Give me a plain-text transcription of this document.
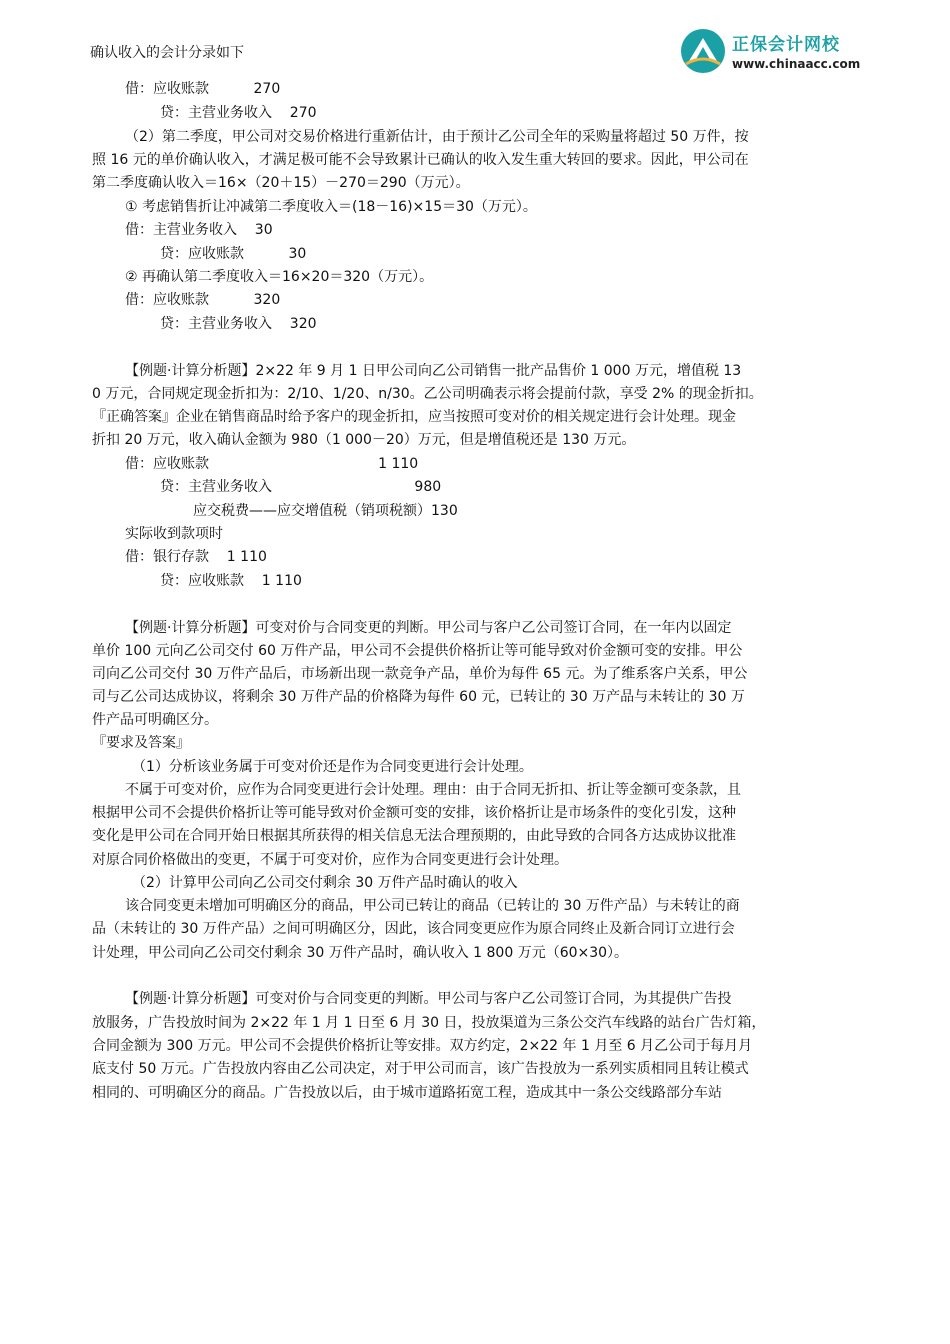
正保会计网校
www.chinaacc.com
确认收入的会计分录如下
借：应收账款          270
贷：主营业务收入    270
（2）第二季度，甲公司对交易价格进行重新估计，由于预计乙公司全年的采购量将超过 50 万件，按
照 16 元的单价确认收入，才满足极可能不会导致累计已确认的收入发生重大转回的要求。因此，甲公司在
第二季度确认收入＝16×（20＋15）－270＝290（万元）。
① 考虑销售折让冲减第二季度收入＝(18－16)×15＝30（万元）。
借：主营业务收入    30
贷：应收账款          30
② 再确认第二季度收入＝16×20＝320（万元）。
借：应收账款          320
贷：主营业务收入    320
【例题·计算分析题】2×22 年 9 月 1 日甲公司向乙公司销售一批产品售价 1 000 万元，增值税 13
0 万元，合同规定现金折扣为：2/10、1/20、n/30。乙公司明确表示将会提前付款，享受 2% 的现金折扣。
『正确答案』企业在销售商品时给予客户的现金折扣，应当按照可变对价的相关规定进行会计处理。现金
折扣 20 万元，收入确认金额为 980（1 000－20）万元，但是增值税还是 130 万元。
借：应收账款                                      1 110
贷：主营业务收入                                980
应交税费——应交增值税（销项税额）130
实际收到款项时
借：银行存款    1 110
贷：应收账款    1 110
【例题·计算分析题】可变对价与合同变更的判断。甲公司与客户乙公司签订合同，在一年内以固定
单价 100 元向乙公司交付 60 万件产品，甲公司不会提供价格折让等可能导致对价金额可变的安排。甲公
司向乙公司交付 30 万件产品后，市场新出现一款竞争产品，单价为每件 65 元。为了维系客户关系，甲公
司与乙公司达成协议，将剩余 30 万件产品的价格降为每件 60 元，已转让的 30 万产品与未转让的 30 万
件产品可明确区分。
『要求及答案』
（1）分析该业务属于可变对价还是作为合同变更进行会计处理。
不属于可变对价，应作为合同变更进行会计处理。理由：由于合同无折扣、折让等金额可变条款，且
根据甲公司不会提供价格折让等可能导致对价金额可变的安排，该价格折让是市场条件的变化引发，这种
变化是甲公司在合同开始日根据其所获得的相关信息无法合理预期的，由此导致的合同各方达成协议批准
对原合同价格做出的变更，不属于可变对价，应作为合同变更进行会计处理。
（2）计算甲公司向乙公司交付剩余 30 万件产品时确认的收入
该合同变更未增加可明确区分的商品，甲公司已转让的商品（已转让的 30 万件产品）与未转让的商
品（未转让的 30 万件产品）之间可明确区分，因此，该合同变更应作为原合同终止及新合同订立进行会
计处理，甲公司向乙公司交付剩余 30 万件产品时，确认收入 1 800 万元（60×30）。
【例题·计算分析题】可变对价与合同变更的判断。甲公司与客户乙公司签订合同，为其提供广告投
放服务，广告投放时间为 2×22 年 1 月 1 日至 6 月 30 日，投放渠道为三条公交汽车线路的站台广告灯箱，
合同金额为 300 万元。甲公司不会提供价格折让等安排。双方约定，2×22 年 1 月至 6 月乙公司于每月月
底支付 50 万元。广告投放内容由乙公司决定，对于甲公司而言，该广告投放为一系列实质相同且转让模式
相同的、可明确区分的商品。广告投放以后，由于城市道路拓宽工程，造成其中一条公交线路部分车站
